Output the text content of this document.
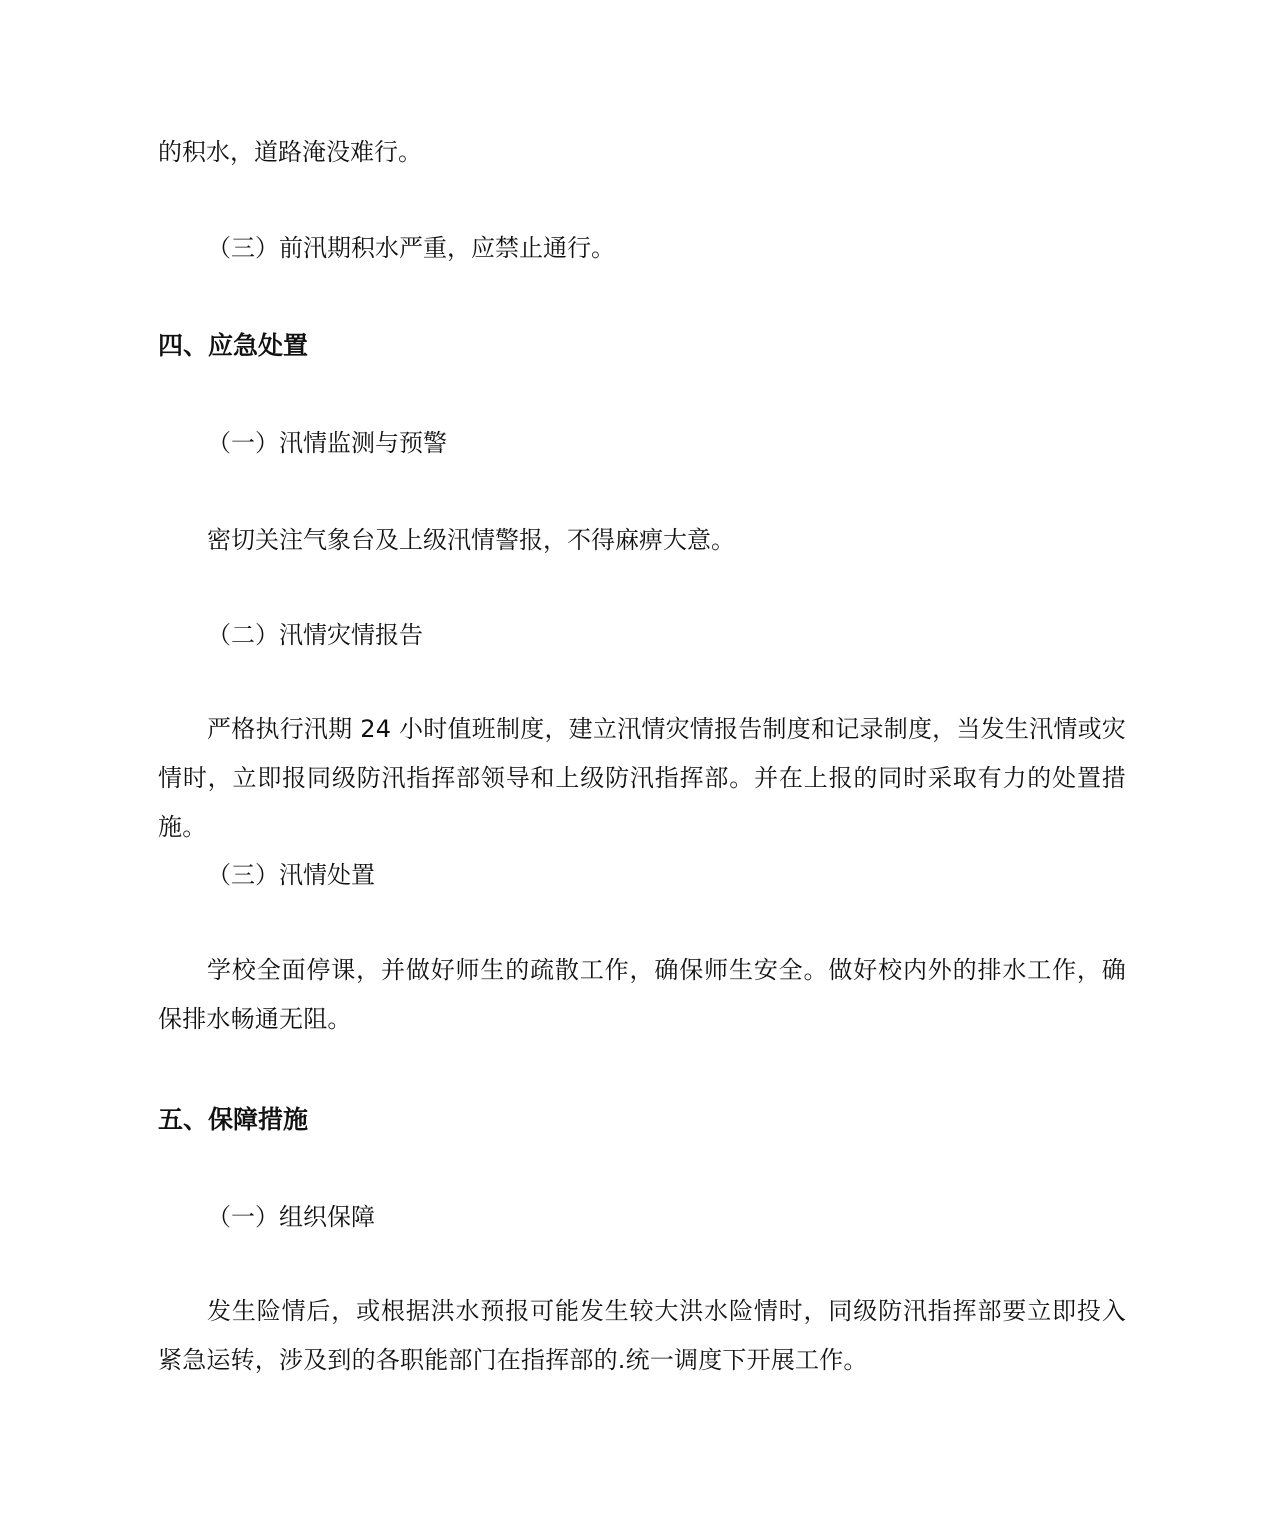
的积水，道路淹没难行。
（三）前汛期积水严重，应禁止通行。
四、应急处置
（一）汛情监测与预警
密切关注气象台及上级汛情警报，不得麻痹大意。
（二）汛情灾情报告
严格执行汛期 24 小时值班制度，建立汛情灾情报告制度和记录制度，当发生汛情或灾情时，立即报同级防汛指挥部领导和上级防汛指挥部。并在上报的同时采取有力的处置措施。
（三）汛情处置
学校全面停课，并做好师生的疏散工作，确保师生安全。做好校内外的排水工作，确保排水畅通无阻。
五、保障措施
（一）组织保障
发生险情后，或根据洪水预报可能发生较大洪水险情时，同级防汛指挥部要立即投入紧急运转，涉及到的各职能部门在指挥部的.统一调度下开展工作。
